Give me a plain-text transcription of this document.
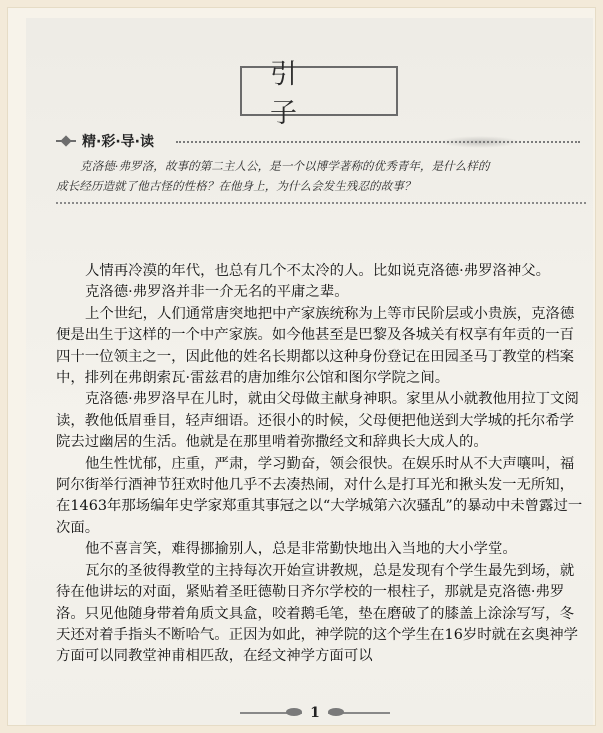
引 子
精·彩·导·读
克洛德·弗罗洛，故事的第二主人公，是一个以博学著称的优秀青年，是什么样的
成长经历造就了他古怪的性格？在他身上，为什么会发生残忍的故事？

人情再冷漠的年代，也总有几个不太冷的人。比如说克洛德·弗罗洛神父。

克洛德·弗罗洛并非一介无名的平庸之辈。

上个世纪，人们通常唐突地把中产家族统称为上等市民阶层或小贵族，克洛德便是出生于这样的一个中产家族。如今他甚至是巴黎及各城关有权享有年贡的一百四十一位领主之一，因此他的姓名长期都以这种身份登记在田园圣马丁教堂的档案中，排列在弗朗索瓦·雷兹君的唐加维尔公馆和图尔学院之间。

克洛德·弗罗洛早在儿时，就由父母做主献身神职。家里从小就教他用拉丁文阅读，教他低眉垂目，轻声细语。还很小的时候，父母便把他送到大学城的托尔希学院去过幽居的生活。他就是在那里啃着弥撒经文和辞典长大成人的。

他生性忧郁，庄重，严肃，学习勤奋，领会很快。在娱乐时从不大声嚷叫，福阿尔街举行酒神节狂欢时他几乎不去凑热闹，对什么是打耳光和揪头发一无所知，在1463年那场编年史学家郑重其事冠之以“大学城第六次骚乱”的暴动中未曾露过一次面。

他不喜言笑，难得挪揄别人，总是非常勤快地出入当地的大小学堂。

瓦尔的圣彼得教堂的主持每次开始宣讲教规，总是发现有个学生最先到场，就待在他讲坛的对面，紧贴着圣旺德勒日齐尔学校的一根柱子，那就是克洛德·弗罗洛。只见他随身带着角质文具盒，咬着鹅毛笔，垫在磨破了的膝盖上涂涂写写，冬天还对着手指头不断哈气。正因为如此，神学院的这个学生在16岁时就在玄奥神学方面可以同教堂神甫相匹敌，在经文神学方面可以

1
